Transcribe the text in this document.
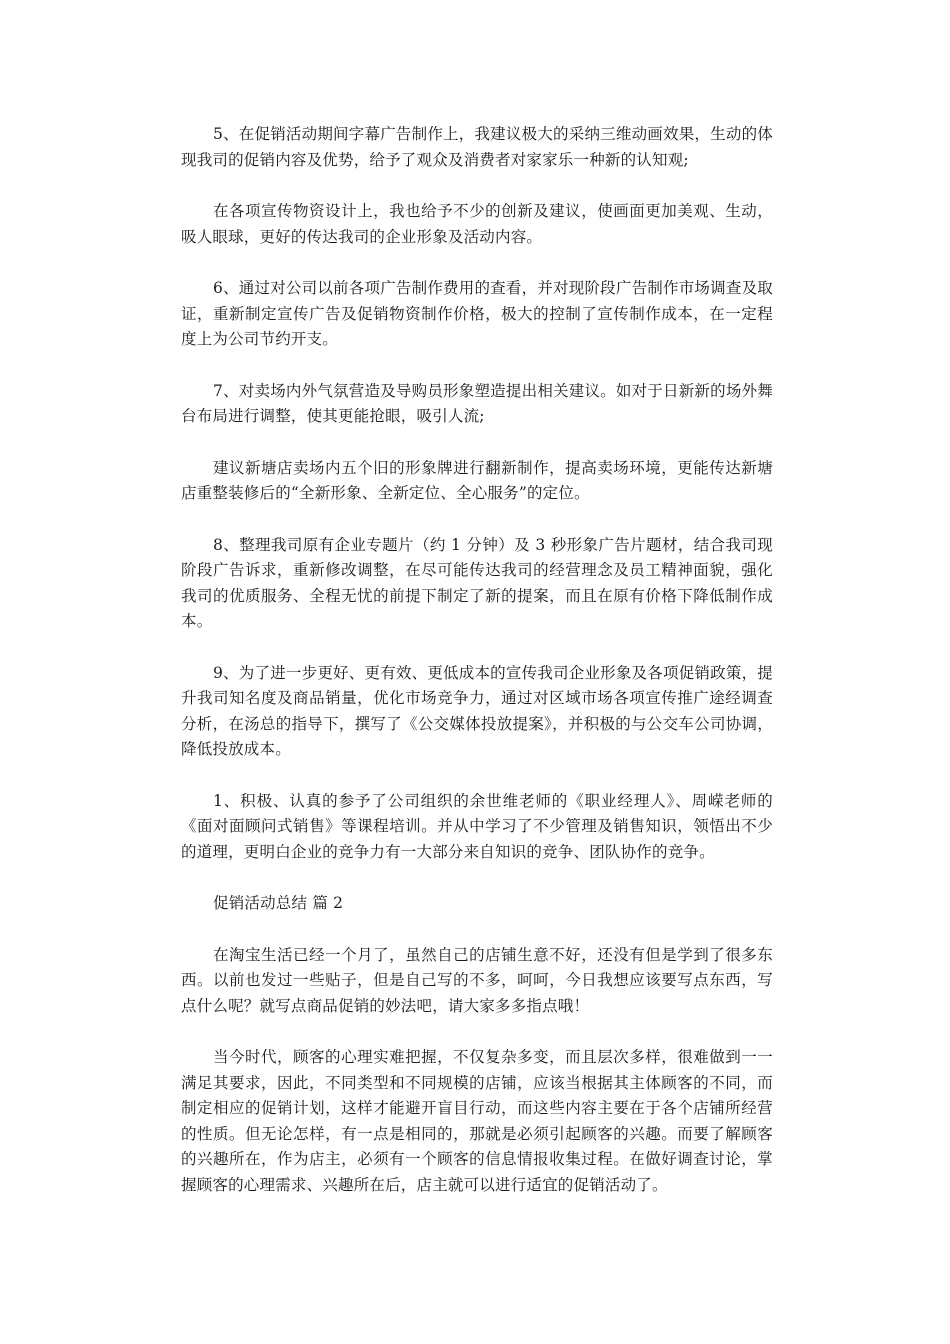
5、在促销活动期间字幕广告制作上，我建议极大的采纳三维动画效果，生动的体现我司的促销内容及优势，给予了观众及消费者对家家乐一种新的认知观;

在各项宣传物资设计上，我也给予不少的创新及建议，使画面更加美观、生动，吸人眼球，更好的传达我司的企业形象及活动内容。

6、通过对公司以前各项广告制作费用的查看，并对现阶段广告制作市场调查及取证，重新制定宣传广告及促销物资制作价格，极大的控制了宣传制作成本，在一定程度上为公司节约开支。

7、对卖场内外气氛营造及导购员形象塑造提出相关建议。如对于日新新的场外舞台布局进行调整，使其更能抢眼，吸引人流;

建议新塘店卖场内五个旧的形象牌进行翻新制作，提高卖场环境，更能传达新塘店重整装修后的“全新形象、全新定位、全心服务”的定位。

8、整理我司原有企业专题片（约 1 分钟）及 3 秒形象广告片题材，结合我司现阶段广告诉求，重新修改调整，在尽可能传达我司的经营理念及员工精神面貌，强化我司的优质服务、全程无忧的前提下制定了新的提案，而且在原有价格下降低制作成本。

9、为了进一步更好、更有效、更低成本的宣传我司企业形象及各项促销政策，提升我司知名度及商品销量，优化市场竞争力，通过对区域市场各项宣传推广途经调查分析，在汤总的指导下，撰写了《公交媒体投放提案》，并积极的与公交车公司协调，降低投放成本。

1、积极、认真的参予了公司组织的余世维老师的《职业经理人》、周嵘老师的《面对面顾问式销售》等课程培训。并从中学习了不少管理及销售知识，领悟出不少的道理，更明白企业的竞争力有一大部分来自知识的竞争、团队协作的竞争。

促销活动总结 篇 2

在淘宝生活已经一个月了，虽然自己的店铺生意不好，还没有但是学到了很多东西。以前也发过一些贴子，但是自己写的不多，呵呵，今日我想应该要写点东西，写点什么呢？就写点商品促销的妙法吧，请大家多多指点哦！

当今时代，顾客的心理实难把握，不仅复杂多变，而且层次多样，很难做到一一满足其要求，因此，不同类型和不同规模的店铺，应该当根据其主体顾客的不同，而制定相应的促销计划，这样才能避开盲目行动，而这些内容主要在于各个店铺所经营的性质。但无论怎样，有一点是相同的，那就是必须引起顾客的兴趣。而要了解顾客的兴趣所在，作为店主，必须有一个顾客的信息情报收集过程。在做好调查讨论，掌握顾客的心理需求、兴趣所在后，店主就可以进行适宜的促销活动了。
